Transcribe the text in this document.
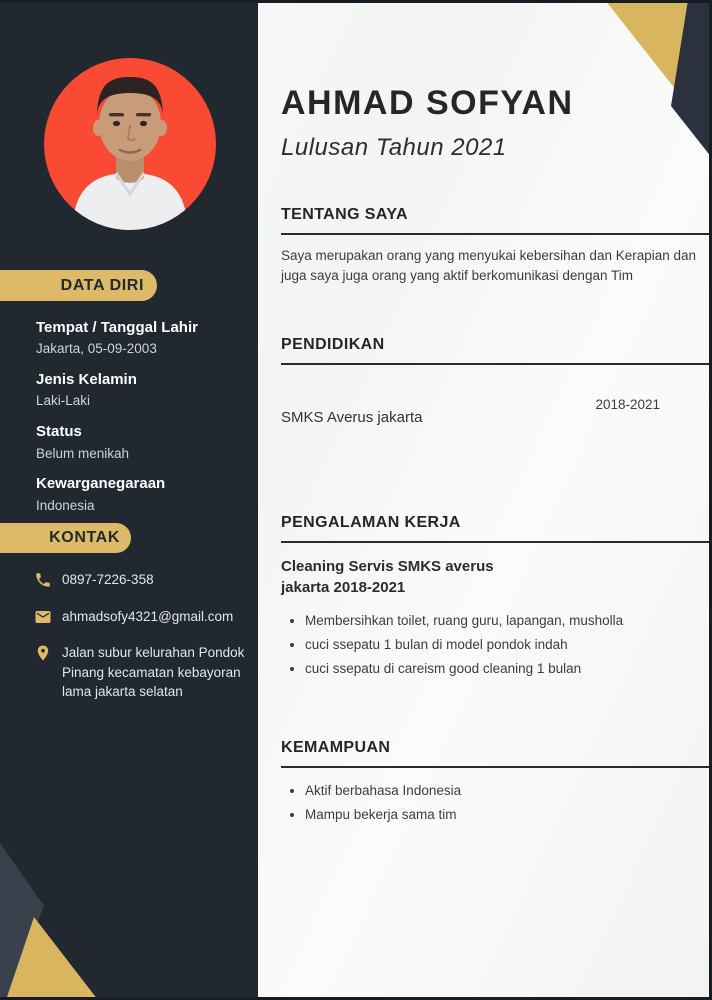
DATA DIRI
Tempat / Tanggal Lahir
Jakarta, 05-09-2003
Jenis Kelamin
Laki-Laki
Status
Belum menikah
Kewarganegaraan
Indonesia
KONTAK
0897-7226-358
ahmadsofy4321@gmail.com
Jalan subur kelurahan Pondok Pinang kecamatan kebayoran lama jakarta selatan
AHMAD SOFYAN
Lulusan Tahun 2021
TENTANG SAYA
Saya merupakan orang yang menyukai kebersihan dan Kerapian dan juga saya juga orang yang aktif berkomunikasi dengan Tim
PENDIDIKAN
SMKS Averus jakarta
2018-2021
PENGALAMAN KERJA
Cleaning Servis SMKS averus jakarta 2018-2021
• Membersihkan toilet, ruang guru, lapangan, musholla
• cuci ssepatu 1 bulan di model pondok indah
• cuci ssepatu di careism good cleaning 1 bulan
KEMAMPUAN
• Aktif berbahasa Indonesia
• Mampu bekerja sama tim
